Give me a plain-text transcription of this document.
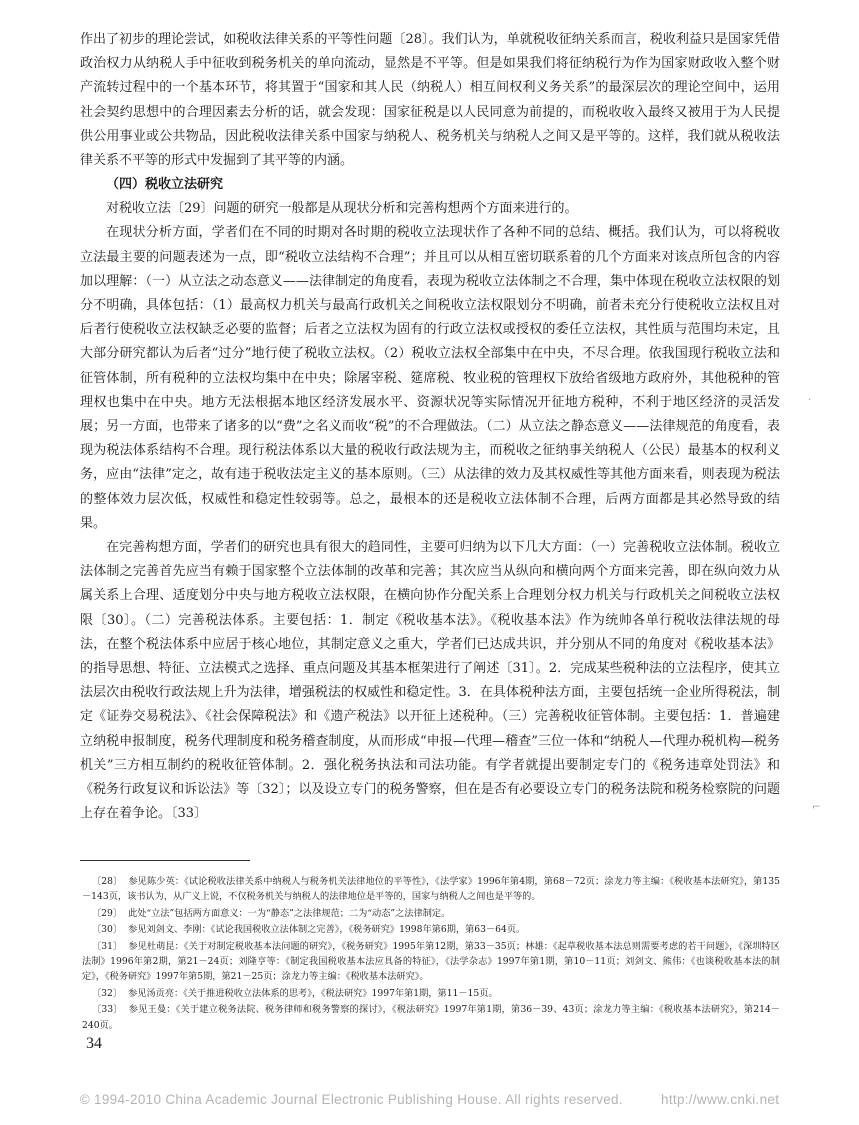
作出了初步的理论尝试，如税收法律关系的平等性问题〔28〕。我们认为，单就税收征纳关系而言，税收利益只是国家凭借政治权力从纳税人手中征收到税务机关的单向流动，显然是不平等。但是如果我们将征纳税行为作为国家财政收入整个财产流转过程中的一个基本环节，将其置于“国家和其人民（纳税人）相互间权利义务关系”的最深层次的理论空间中，运用社会契约思想中的合理因素去分析的话，就会发现：国家征税是以人民同意为前提的，而税收收入最终又被用于为人民提供公用事业或公共物品，因此税收法律关系中国家与纳税人、税务机关与纳税人之间又是平等的。这样，我们就从税收法律关系不平等的形式中发掘到了其平等的内涵。

（四）税收立法研究

对税收立法〔29〕问题的研究一般都是从现状分析和完善构想两个方面来进行的。

在现状分析方面，学者们在不同的时期对各时期的税收立法现状作了各种不同的总结、概括。我们认为，可以将税收立法最主要的问题表述为一点，即“税收立法结构不合理”；并且可以从相互密切联系着的几个方面来对该点所包含的内容加以理解：（一）从立法之动态意义——法律制定的角度看，表现为税收立法体制之不合理，集中体现在税收立法权限的划分不明确，具体包括：（1）最高权力机关与最高行政机关之间税收立法权限划分不明确，前者未充分行使税收立法权且对后者行使税收立法权缺乏必要的监督；后者之立法权为固有的行政立法权或授权的委任立法权，其性质与范围均未定，且大部分研究都认为后者“过分”地行使了税收立法权。（2）税收立法权全部集中在中央，不尽合理。依我国现行税收立法和征管体制，所有税种的立法权均集中在中央；除屠宰税、筵席税、牧业税的管理权下放给省级地方政府外，其他税种的管理权也集中在中央。地方无法根据本地区经济发展水平、资源状况等实际情况开征地方税种，不利于地区经济的灵活发展；另一方面，也带来了诸多的以“费”之名义而收“税”的不合理做法。（二）从立法之静态意义——法律规范的角度看，表现为税法体系结构不合理。现行税法体系以大量的税收行政法规为主，而税收之征纳事关纳税人（公民）最基本的权利义务，应由“法律”定之，故有违于税收法定主义的基本原则。（三）从法律的效力及其权威性等其他方面来看，则表现为税法的整体效力层次低，权威性和稳定性较弱等。总之，最根本的还是税收立法体制不合理，后两方面都是其必然导致的结果。

在完善构想方面，学者们的研究也具有很大的趋同性，主要可归纳为以下几大方面：（一）完善税收立法体制。税收立法体制之完善首先应当有赖于国家整个立法体制的改革和完善；其次应当从纵向和横向两个方面来完善，即在纵向效力从属关系上合理、适度划分中央与地方税收立法权限，在横向协作分配关系上合理划分权力机关与行政机关之间税收立法权限〔30〕。（二）完善税法体系。主要包括：1．制定《税收基本法》。《税收基本法》作为统帅各单行税收法律法规的母法，在整个税法体系中应居于核心地位，其制定意义之重大，学者们已达成共识，并分别从不同的角度对《税收基本法》的指导思想、特征、立法模式之选择、重点问题及其基本框架进行了阐述〔31〕。2．完成某些税种法的立法程序，使其立法层次由税收行政法规上升为法律，增强税法的权威性和稳定性。3．在具体税种法方面，主要包括统一企业所得税法，制定《证券交易税法》、《社会保障税法》和《遗产税法》以开征上述税种。（三）完善税收征管体制。主要包括：1．普遍建立纳税申报制度，税务代理制度和税务稽查制度，从而形成“申报—代理—稽查”三位一体和“纳税人—代理办税机构—税务机关”三方相互制约的税收征管体制。2．强化税务执法和司法功能。有学者就提出要制定专门的《税务违章处罚法》和《税务行政复议和诉讼法》等〔32〕；以及设立专门的税务警察，但在是否有必要设立专门的税务法院和税务检察院的问题上存在着争论。〔33〕

〔28〕 参见陈少英：《试论税收法律关系中纳税人与税务机关法律地位的平等性》，《法学家》1996年第4期，第68－72页；涂龙力等主编：《税收基本法研究》，第135－143页，该书认为，从广义上说，不仅税务机关与纳税人的法律地位是平等的，国家与纳税人之间也是平等的。

〔29〕 此处“立法”包括两方面意义：一为“静态”之法律规范；二为“动态”之法律制定。

〔30〕 参见刘剑文、李刚：《试论我国税收立法体制之完善》，《税务研究》1998年第6期，第63－64页。

〔31〕 参见杜萌昆：《关于对制定税收基本法问题的研究》，《税务研究》1995年第12期，第33－35页；林雄：《起草税收基本法总则需要考虑的若干问题》，《深圳特区法制》1996年第2期，第21－24页；刘隆亨等：《制定我国税收基本法应具备的特征》，《法学杂志》1997年第1期，第10－11页；刘剑文、熊伟：《也谈税收基本法的制定》，《税务研究》1997年第5期，第21－25页；涂龙力等主编：《税收基本法研究》。

〔32〕 参见汤贡亮：《关于推进税收立法体系的思考》，《税法研究》1997年第1期，第11－15页。

〔33〕 参见王曼：《关于建立税务法院、税务律师和税务警察的探讨》，《税法研究》1997年第1期，第36－39、43页；涂龙力等主编：《税收基本法研究》，第214－240页。

34
·
⌐
© 1994-2010 China Academic Journal Electronic Publishing House. All rights reserved.	http://www.cnki.net
